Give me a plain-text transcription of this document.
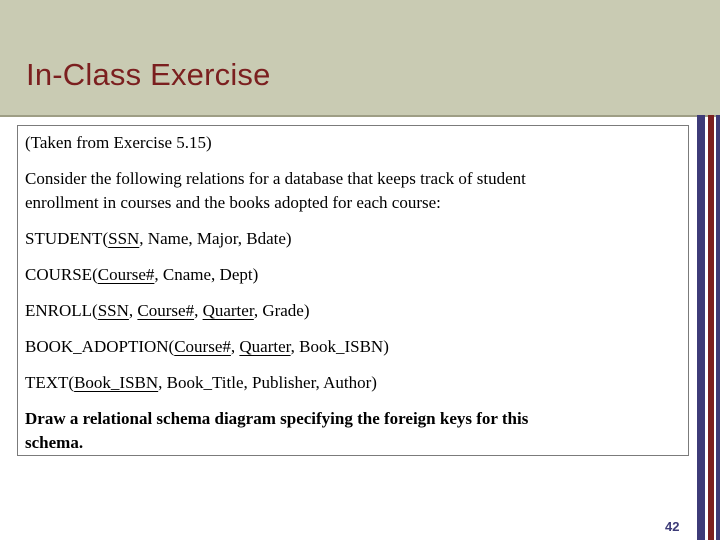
In-Class Exercise

(Taken from Exercise 5.15)

Consider the following relations for a database that keeps track of student

enrollment in courses and the books adopted for each course:

STUDENT(SSN, Name, Major, Bdate)

COURSE(Course#, Cname, Dept)

ENROLL(SSN, Course#, Quarter, Grade)

BOOK_ADOPTION(Course#, Quarter, Book_ISBN)

TEXT(Book_ISBN, Book_Title, Publisher, Author)

Draw a relational schema diagram specifying the foreign keys for this

schema.

42
